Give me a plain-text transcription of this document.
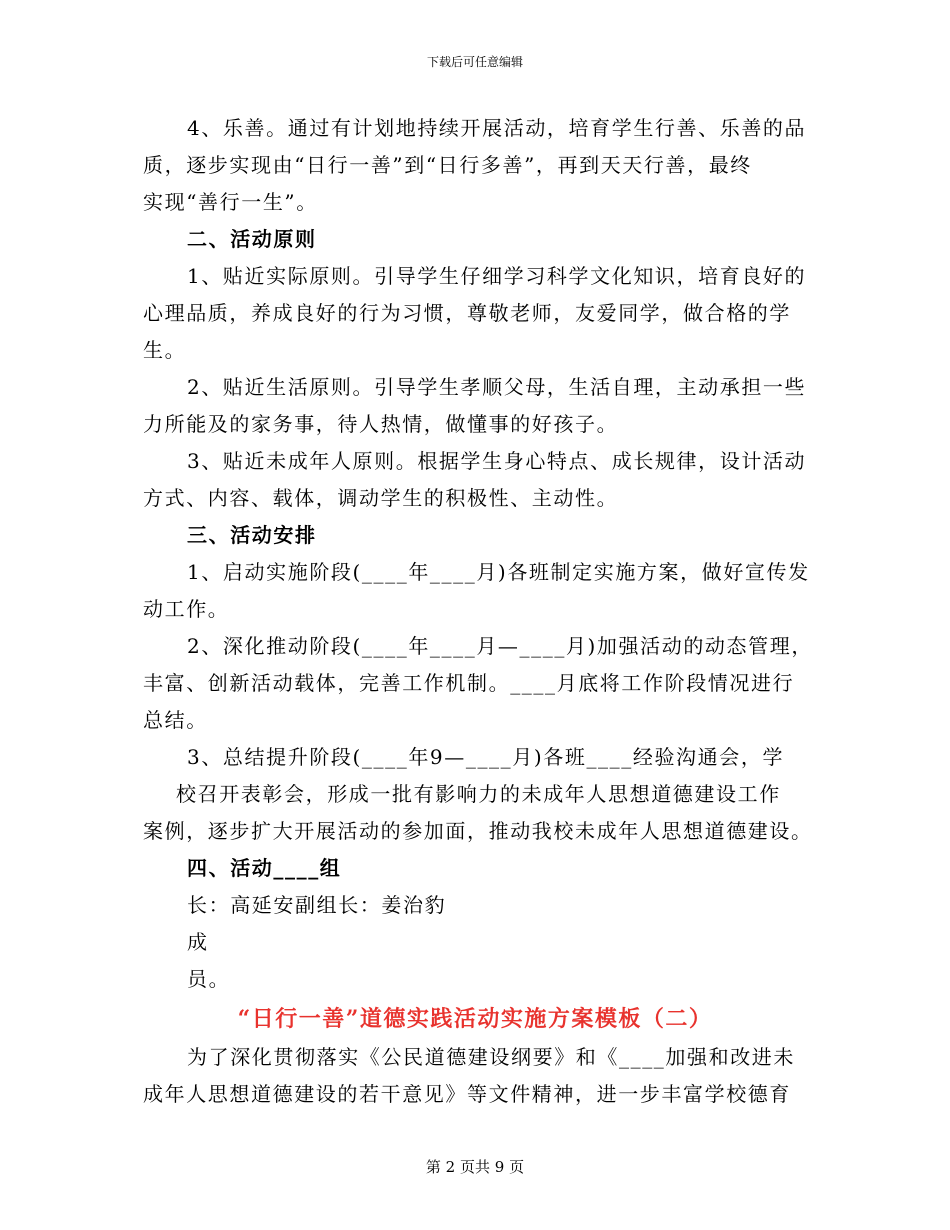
下载后可任意编辑
4、乐善。通过有计划地持续开展活动，培育学生行善、乐善的品
质，逐步实现由“日行一善”到“日行多善”，再到天天行善，最终
实现“善行一生”。
二、活动原则
1、贴近实际原则。引导学生仔细学习科学文化知识，培育良好的
心理品质，养成良好的行为习惯，尊敬老师，友爱同学，做合格的学
生。
2、贴近生活原则。引导学生孝顺父母，生活自理，主动承担一些
力所能及的家务事，待人热情，做懂事的好孩子。
3、贴近未成年人原则。根据学生身心特点、成长规律，设计活动
方式、内容、载体，调动学生的积极性、主动性。
三、活动安排
1、启动实施阶段(____年____月)各班制定实施方案，做好宣传发
动工作。
2、深化推动阶段(____年____月—____月)加强活动的动态管理，
丰富、创新活动载体，完善工作机制。____月底将工作阶段情况进行
总结。
3、总结提升阶段(____年9—____月)各班____经验沟通会，学
校召开表彰会，形成一批有影响力的未成年人思想道德建设工作
案例，逐步扩大开展活动的参加面，推动我校未成年人思想道德建设。
四、活动____组
长：高延安副组长：姜治豹
成
员。
“日行一善”道德实践活动实施方案模板（二）
为了深化贯彻落实《公民道德建设纲要》和《____加强和改进未
成年人思想道德建设的若干意见》等文件精神，进一步丰富学校德育
第 2 页共 9 页
